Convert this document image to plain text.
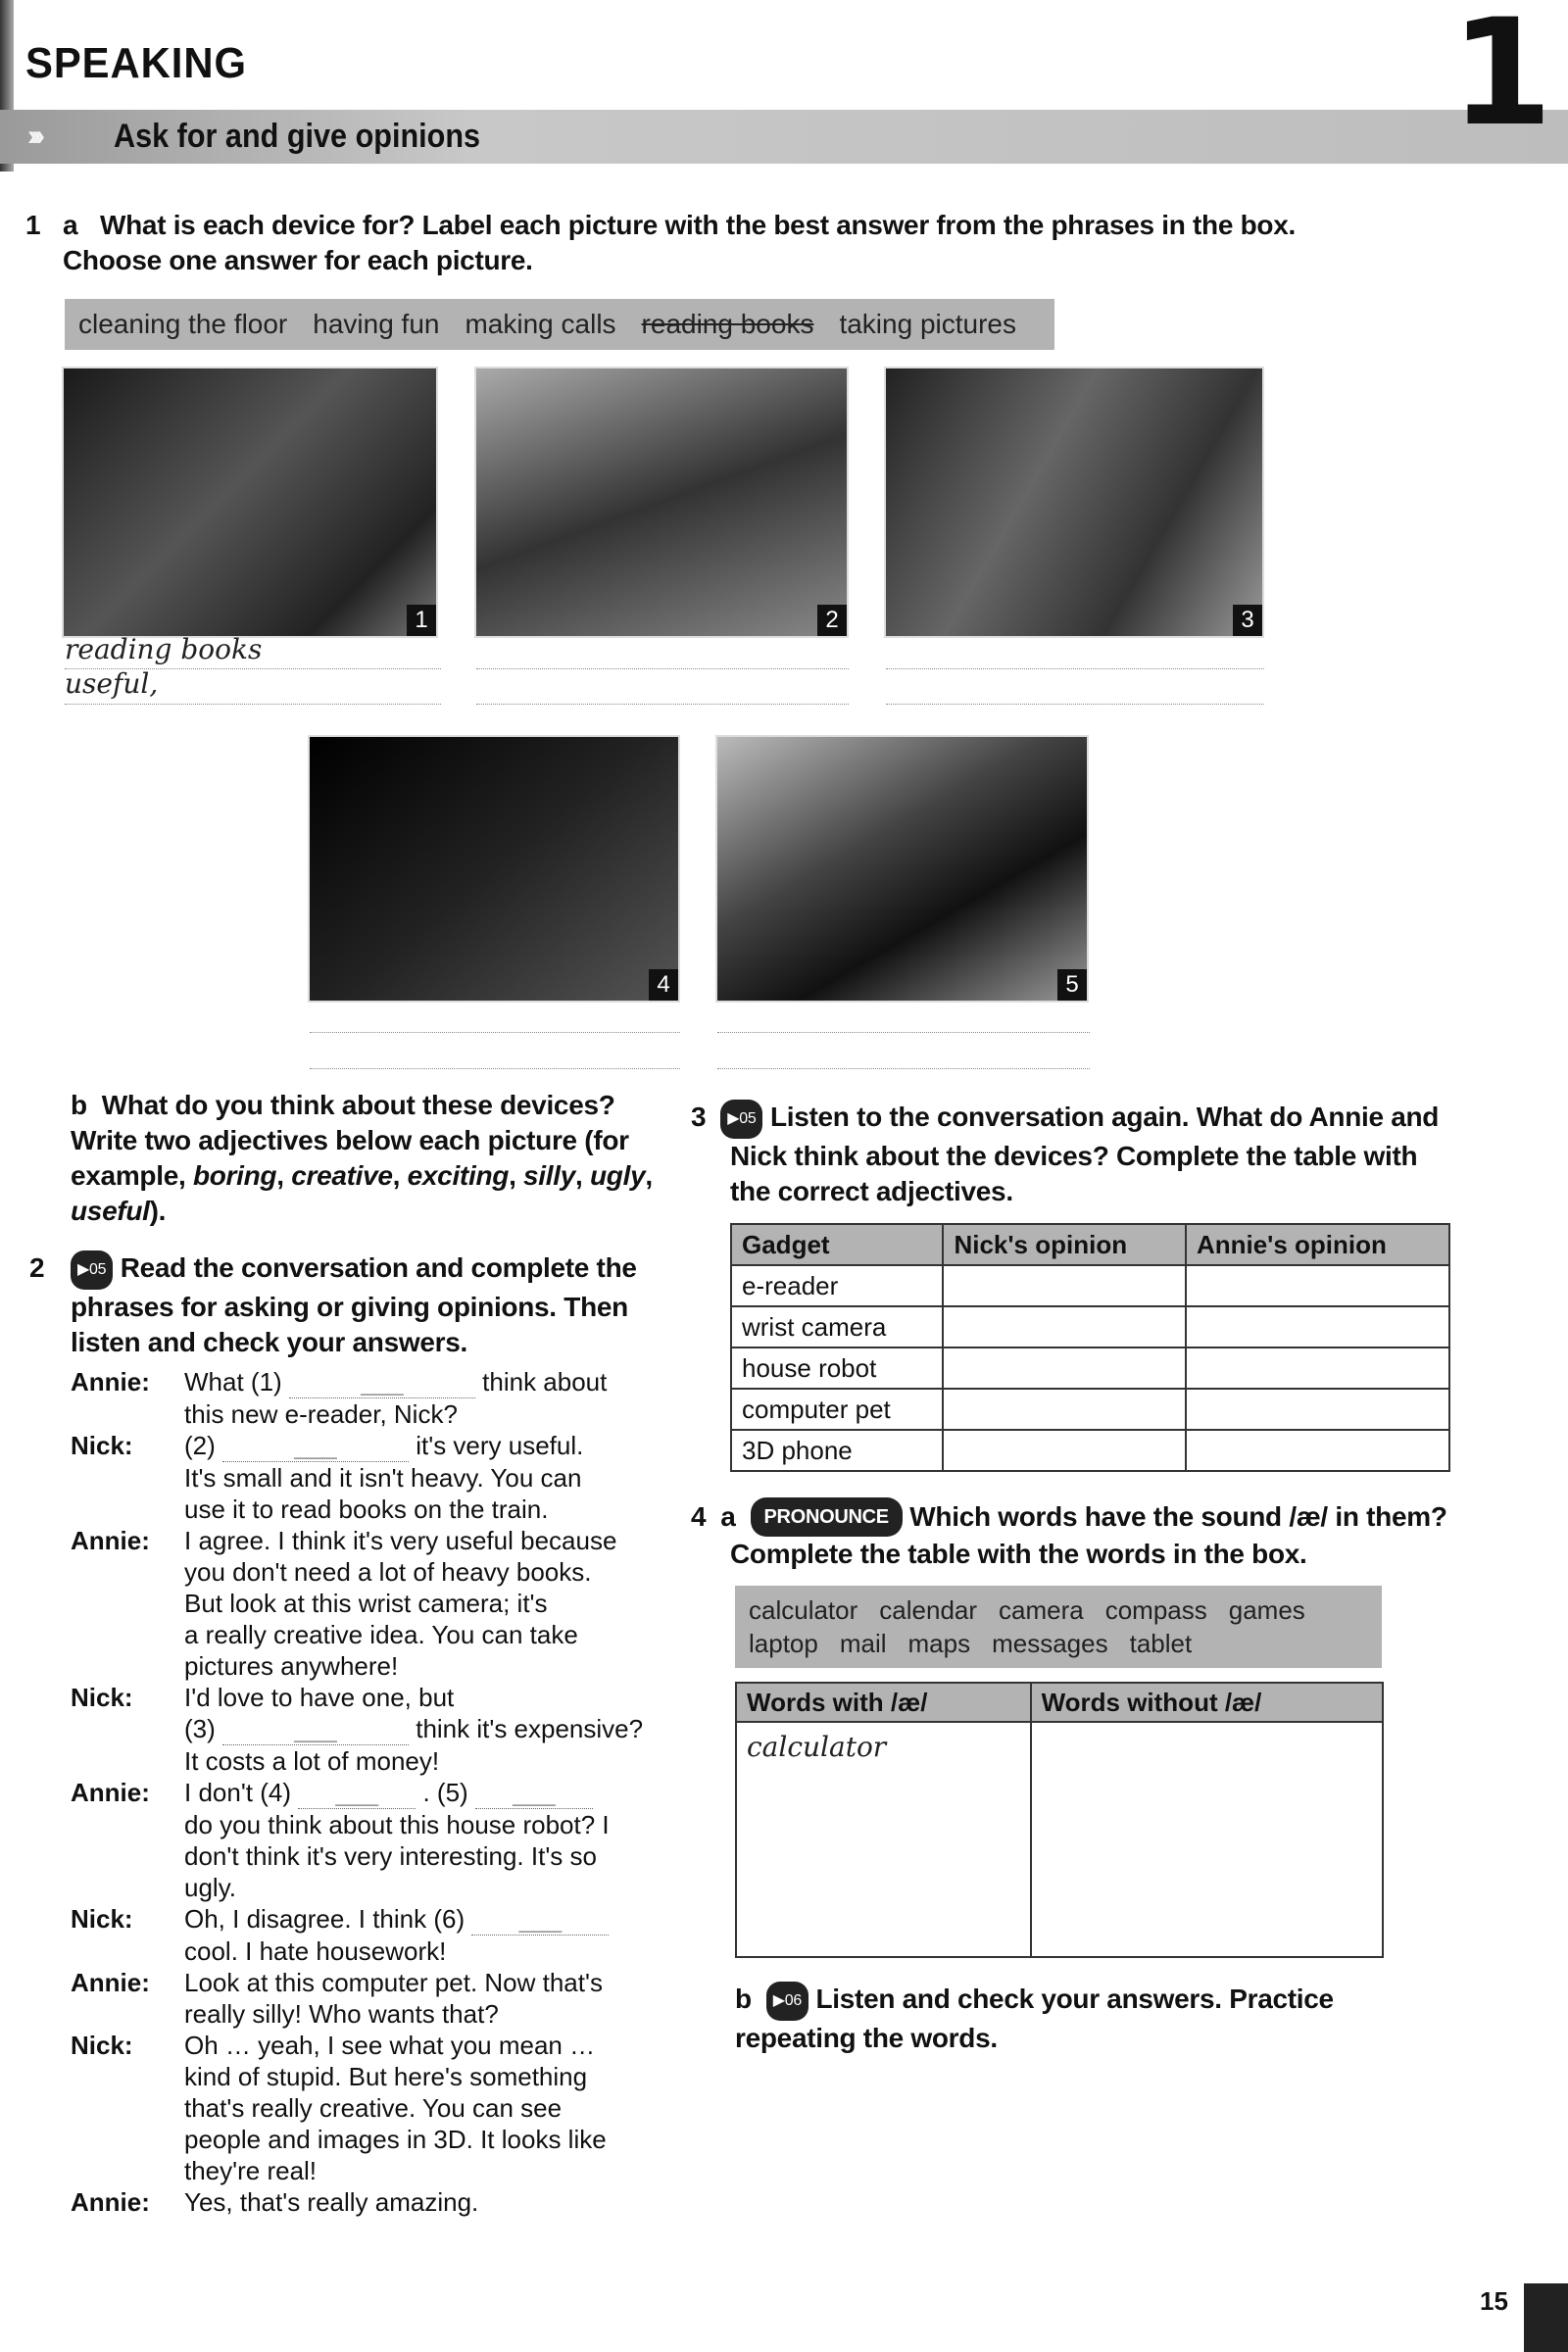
SPEAKING
››› Ask for and give opinions	1
1 a What is each device for? Label each picture with the best answer from the phrases in the box.
Choose one answer for each picture.
cleaning the floor having fun making calls reading books taking pictures
1	2	3
4	5
reading books
useful,
b What do you think about these devices? Write two adjectives below each picture (for example, boring, creative, exciting, silly, ugly, useful).
2	▶05 Read the conversation and complete the phrases for asking or giving opinions. Then listen and check your answers.
Annie:	What (1)	___	think about
this new e-reader, Nick?
Nick:	(2)	___	it's very useful.
It's small and it isn't heavy. You can
use it to read books on the train.
Annie:	I agree. I think it's very useful because
you don't need a lot of heavy books.
But look at this wrist camera; it's
a really creative idea. You can take
pictures anywhere!
Nick:	I'd love to have one, but
(3)	___	think it's expensive?
It costs a lot of money!
Annie:	I don't (4) ___ . (5) ___
do you think about this house robot? I
don't think it's very interesting. It's so
ugly.
Nick:	Oh, I disagree. I think (6) ___
cool. I hate housework!
Annie:	Look at this computer pet. Now that's
really silly! Who wants that?
Nick:	Oh … yeah, I see what you mean …
kind of stupid. But here's something
that's really creative. You can see
people and images in 3D. It looks like
they're real!
Annie:	Yes, that's really amazing.
3 ▶05 Listen to the conversation again. What do Annie and Nick think about the devices? Complete the table with the correct adjectives.
Gadget	Nick's opinion	Annie's opinion
e-reader		
wrist camera		
house robot		
computer pet		
3D phone		
4 a PRONOUNCE Which words have the sound /æ/ in them? Complete the table with the words in the box.
calculator calendar camera compass games
laptop mail maps messages tablet
Words with /æ/	Words without /æ/
calculator	
b ▶06 Listen and check your answers. Practice repeating the words.
15
